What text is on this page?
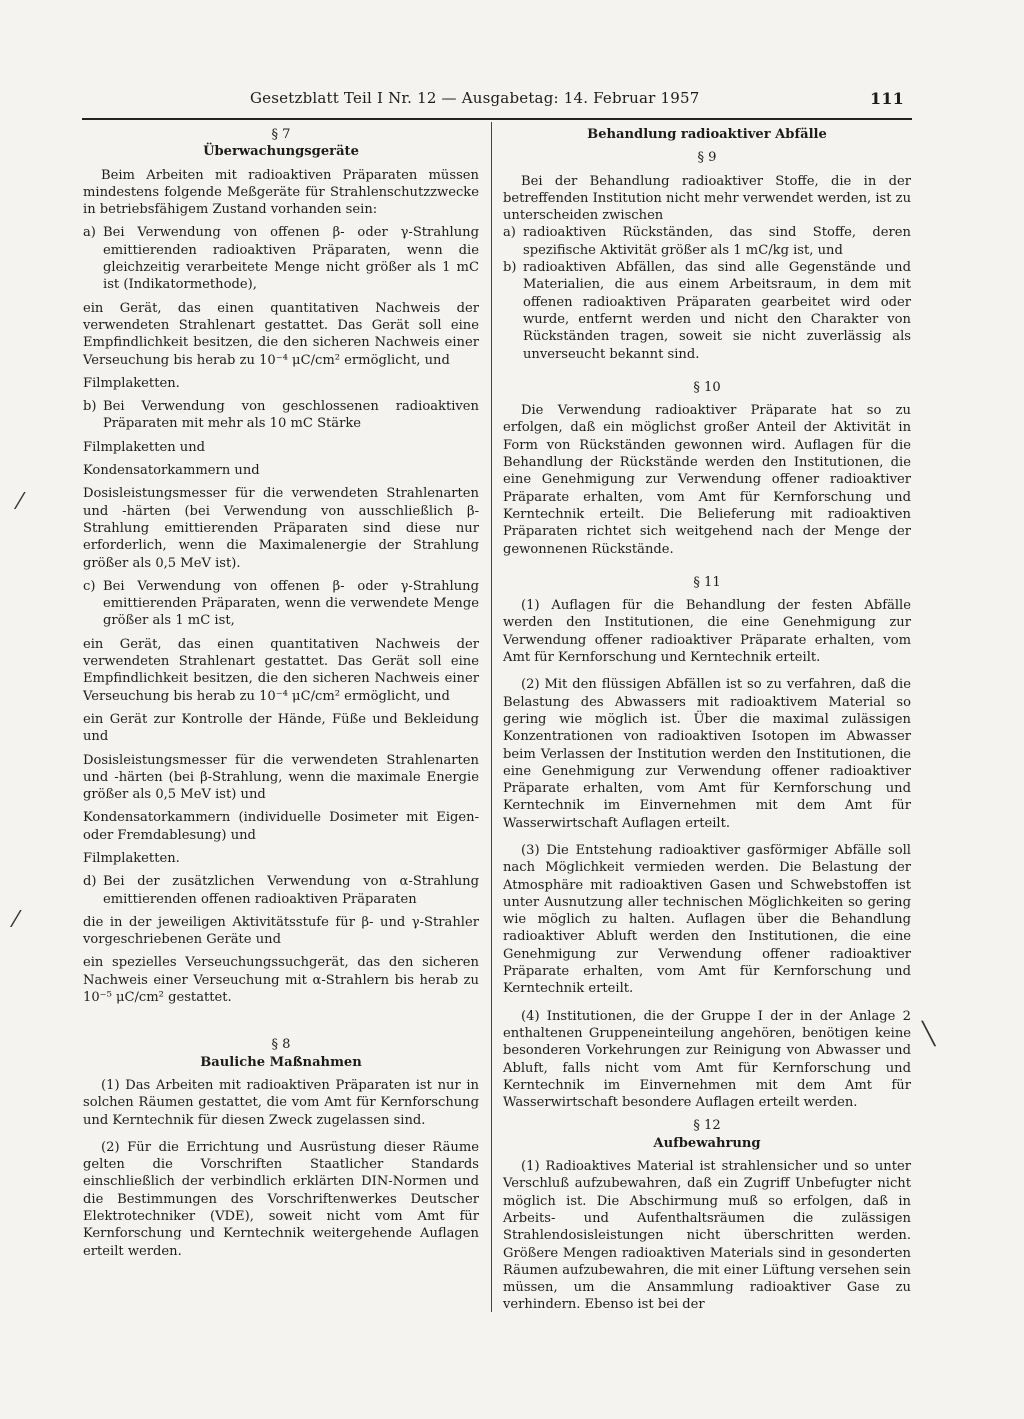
Gesetzblatt Teil I Nr. 12 — Ausgabetag: 14. Februar 1957	111
⁄
⁄
╲

§ 7

Überwachungsgeräte

Beim Arbeiten mit radioaktiven Präparaten müssen mindestens folgende Meßgeräte für Strahlenschutzzwecke in betriebsfähigem Zustand vorhanden sein:

a) Bei Verwendung von offenen β- oder γ-Strahlung emittierenden radioaktiven Präparaten, wenn die gleichzeitig verarbeitete Menge nicht größer als 1 mC ist (Indikatormethode),

ein Gerät, das einen quantitativen Nachweis der verwendeten Strahlenart gestattet. Das Gerät soll eine Empfindlichkeit besitzen, die den sicheren Nachweis einer Verseuchung bis herab zu 10⁻⁴ μC/cm² ermöglicht, und

Filmplaketten.

b) Bei Verwendung von geschlossenen radioaktiven Präparaten mit mehr als 10 mC Stärke

Filmplaketten und

Kondensatorkammern und

Dosisleistungsmesser für die verwendeten Strahlenarten und -härten (bei Verwendung von ausschließlich β-Strahlung emittierenden Präparaten sind diese nur erforderlich, wenn die Maximalenergie der Strahlung größer als 0,5 MeV ist).

c) Bei Verwendung von offenen β- oder γ-Strahlung emittierenden Präparaten, wenn die verwendete Menge größer als 1 mC ist,

ein Gerät, das einen quantitativen Nachweis der verwendeten Strahlenart gestattet. Das Gerät soll eine Empfindlichkeit besitzen, die den sicheren Nachweis einer Verseuchung bis herab zu 10⁻⁴ μC/cm² ermöglicht, und

ein Gerät zur Kontrolle der Hände, Füße und Bekleidung und

Dosisleistungsmesser für die verwendeten Strahlenarten und -härten (bei β-Strahlung, wenn die maximale Energie größer als 0,5 MeV ist) und

Kondensatorkammern (individuelle Dosimeter mit Eigen- oder Fremdablesung) und

Filmplaketten.

d) Bei der zusätzlichen Verwendung von α-Strahlung emittierenden offenen radioaktiven Präparaten

die in der jeweiligen Aktivitätsstufe für β- und γ-Strahler vorgeschriebenen Geräte und

ein spezielles Verseuchungssuchgerät, das den sicheren Nachweis einer Verseuchung mit α-Strahlern bis herab zu 10⁻⁵ μC/cm² gestattet.

§ 8

Bauliche Maßnahmen

(1) Das Arbeiten mit radioaktiven Präparaten ist nur in solchen Räumen gestattet, die vom Amt für Kernforschung und Kerntechnik für diesen Zweck zugelassen sind.

(2) Für die Errichtung und Ausrüstung dieser Räume gelten die Vorschriften Staatlicher Standards einschließlich der verbindlich erklärten DIN-Normen und die Bestimmungen des Vorschriftenwerkes Deutscher Elektrotechniker (VDE), soweit nicht vom Amt für Kernforschung und Kerntechnik weitergehende Auflagen erteilt werden.

Behandlung radioaktiver Abfälle

§ 9

Bei der Behandlung radioaktiver Stoffe, die in der betreffenden Institution nicht mehr verwendet werden, ist zu unterscheiden zwischen

a) radioaktiven Rückständen, das sind Stoffe, deren spezifische Aktivität größer als 1 mC/kg ist, und
b) radioaktiven Abfällen, das sind alle Gegenstände und Materialien, die aus einem Arbeitsraum, in dem mit offenen radioaktiven Präparaten gearbeitet wird oder wurde, entfernt werden und nicht den Charakter von Rückständen tragen, soweit sie nicht zuverlässig als unverseucht bekannt sind.

§ 10

Die Verwendung radioaktiver Präparate hat so zu erfolgen, daß ein möglichst großer Anteil der Aktivität in Form von Rückständen gewonnen wird. Auflagen für die Behandlung der Rückstände werden den Institutionen, die eine Genehmigung zur Verwendung offener radioaktiver Präparate erhalten, vom Amt für Kernforschung und Kerntechnik erteilt. Die Belieferung mit radioaktiven Präparaten richtet sich weitgehend nach der Menge der gewonnenen Rückstände.

§ 11

(1) Auflagen für die Behandlung der festen Abfälle werden den Institutionen, die eine Genehmigung zur Verwendung offener radioaktiver Präparate erhalten, vom Amt für Kernforschung und Kerntechnik erteilt.

(2) Mit den flüssigen Abfällen ist so zu verfahren, daß die Belastung des Abwassers mit radioaktivem Material so gering wie möglich ist. Über die maximal zulässigen Konzentrationen von radioaktiven Isotopen im Abwasser beim Verlassen der Institution werden den Institutionen, die eine Genehmigung zur Verwendung offener radioaktiver Präparate erhalten, vom Amt für Kernforschung und Kerntechnik im Einvernehmen mit dem Amt für Wasserwirtschaft Auflagen erteilt.

(3) Die Entstehung radioaktiver gasförmiger Abfälle soll nach Möglichkeit vermieden werden. Die Belastung der Atmosphäre mit radioaktiven Gasen und Schwebstoffen ist unter Ausnutzung aller technischen Möglichkeiten so gering wie möglich zu halten. Auflagen über die Behandlung radioaktiver Abluft werden den Institutionen, die eine Genehmigung zur Verwendung offener radioaktiver Präparate erhalten, vom Amt für Kernforschung und Kerntechnik erteilt.

(4) Institutionen, die der Gruppe I der in der Anlage 2 enthaltenen Gruppeneinteilung angehören, benötigen keine besonderen Vorkehrungen zur Reinigung von Abwasser und Abluft, falls nicht vom Amt für Kernforschung und Kerntechnik im Einvernehmen mit dem Amt für Wasserwirtschaft besondere Auflagen erteilt werden.

§ 12

Aufbewahrung

(1) Radioaktives Material ist strahlensicher und so unter Verschluß aufzubewahren, daß ein Zugriff Unbefugter nicht möglich ist. Die Abschirmung muß so erfolgen, daß in Arbeits- und Aufenthaltsräumen die zulässigen Strahlendosisleistungen nicht überschritten werden. Größere Mengen radioaktiven Materials sind in gesonderten Räumen aufzubewahren, die mit einer Lüftung versehen sein müssen, um die Ansammlung radioaktiver Gase zu verhindern. Ebenso ist bei der
